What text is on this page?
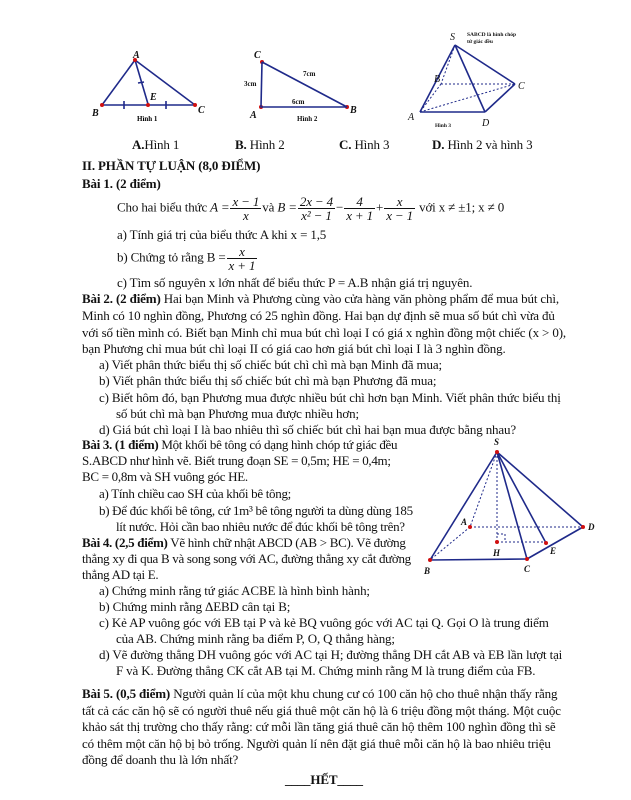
A
B	C
E
Hình 1
C
A	B
3cm
7cm
6cm
Hình 2
S
A
B
C
D
SABCD là hình chóp
tứ giác đều
Hình 3
A.Hình 1	B. Hình 2	C. Hình 3	D. Hình 2 và hình 3
II. PHẦN TỰ LUẬN (8,0 ĐIỂM)
Bài 1. (2 điểm)
Cho hai biểu thức $A = \frac{x - 1}{x}$ và $B = \frac{2x - 4}{\text{x² − 1}} - \frac{4}{x + 1} + \frac{x}{x - 1}$ với x ≠ ±1; x ≠ 0
a) Tính giá trị của biểu thức A khi x = 1,5
b) Chứng tỏ rằng $B = \frac{x}{x + 1}$
c) Tìm số nguyên x lớn nhất để biểu thức P = A.B nhận giá trị nguyên.
Bài 2. (2 điểm) Hai bạn Minh và Phương cùng vào cửa hàng văn phòng phẩm để mua bút chì,
Minh có 10 nghìn đồng, Phương có 25 nghìn đồng. Hai bạn dự định sẽ mua số bút chì vừa đủ
với số tiền mình có. Biết bạn Minh chỉ mua bút chì loại I có giá x nghìn đồng một chiếc (x > 0),
bạn Phương chỉ mua bút chì loại II có giá cao hơn giá bút chì loại I là 3 nghìn đồng.
a) Viết phân thức biểu thị số chiếc bút chì chì mà bạn Minh đã mua;
b) Viết phân thức biểu thị số chiếc bút chì mà bạn Phương đã mua;
c) Biết hôm đó, bạn Phương mua được nhiều bút chì hơn bạn Minh. Viết phân thức biểu thị
số bút chì mà bạn Phương mua được nhiều hơn;
d) Giá bút chì loại I là bao nhiêu thì số chiếc bút chì hai bạn mua được bằng nhau?
Bài 3. (1 điểm) Một khối bê tông có dạng hình chóp tứ giác đều
S.ABCD như hình vẽ. Biết trung đoạn SE = 0,5m; HE = 0,4m;
BC = 0,8m và SH vuông góc HE.
a) Tính chiều cao SH của khối bê tông;
b) Để đúc khối bê tông, cứ 1m³ bê tông người ta dùng dùng 185
lít nước. Hỏi cần bao nhiêu nước để đúc khối bê tông trên?
Bài 4. (2,5 điểm) Vẽ hình chữ nhật ABCD (AB > BC). Vẽ đường
thẳng xy đi qua B và song song với AC, đường thẳng xy cắt đường
thẳng AD tại E.
a) Chứng minh rằng tứ giác ACBE là hình bình hành;
b) Chứng minh rằng ΔEBD cân tại B;
c) Kẻ AP vuông góc với EB tại P và kẻ BQ vuông góc với AC tại Q. Gọi O là trung điểm
của AB. Chứng minh rằng ba điểm P, O, Q thẳng hàng;
d) Vẽ đường thẳng DH vuông góc với AC tại H; đường thẳng DH cắt AB và EB lần lượt tại
F và K. Đường thẳng CK cắt AB tại M. Chứng minh rằng M là trung điểm của FB.
Bài 5. (0,5 điểm) Người quản lí của một khu chung cư có 100 căn hộ cho thuê nhận thấy rằng
tất cả các căn hộ sẽ có người thuê nếu giá thuê một căn hộ là 6 triệu đồng một tháng. Một cuộc
khảo sát thị trường cho thấy rằng: cứ mỗi lần tăng giá thuê căn hộ thêm 100 nghìn đồng thì sẽ
có thêm một căn hộ bị bỏ trống. Người quản lí nên đặt giá thuê mỗi căn hộ là bao nhiêu triệu
đồng để doanh thu là lớn nhất?
____HẾT____
S
A
B	C
D
E
H
